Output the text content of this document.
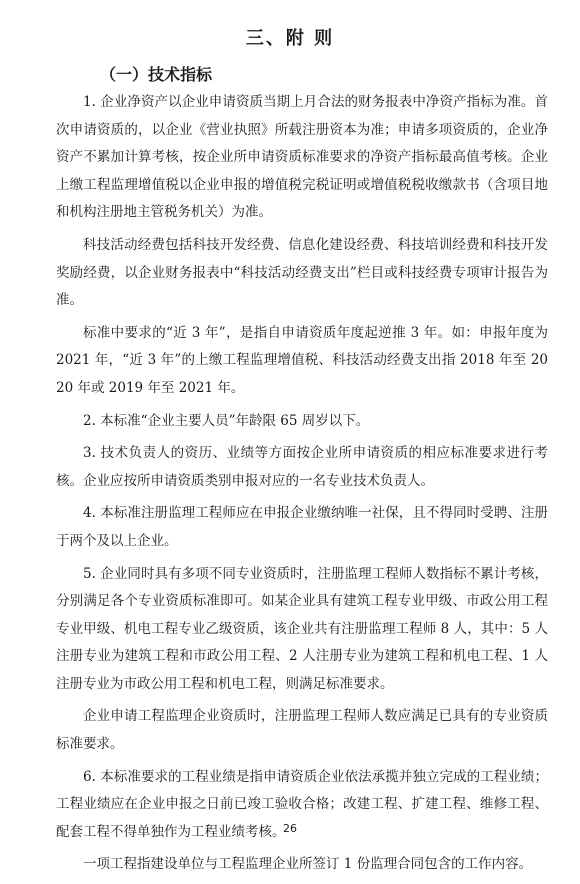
三、附 则
（一）技术指标

1. 企业净资产以企业申请资质当期上月合法的财务报表中净资产指标为准。首次申请资质的，以企业《营业执照》所载注册资本为准；申请多项资质的，企业净资产不累加计算考核，按企业所申请资质标准要求的净资产指标最高值考核。企业上缴工程监理增值税以企业申报的增值税完税证明或增值税税收缴款书（含项目地和机构注册地主管税务机关）为准。

科技活动经费包括科技开发经费、信息化建设经费、科技培训经费和科技开发奖励经费，以企业财务报表中“科技活动经费支出”栏目或科技经费专项审计报告为准。

标准中要求的“近 3 年”，是指自申请资质年度起逆推 3 年。如：申报年度为 2021 年，“近 3 年”的上缴工程监理增值税、科技活动经费支出指 2018 年至 2020 年或 2019 年至 2021 年。

2. 本标准“企业主要人员”年龄限 65 周岁以下。

3. 技术负责人的资历、业绩等方面按企业所申请资质的相应标准要求进行考核。企业应按所申请资质类别申报对应的一名专业技术负责人。

4. 本标准注册监理工程师应在申报企业缴纳唯一社保，且不得同时受聘、注册于两个及以上企业。

5. 企业同时具有多项不同专业资质时，注册监理工程师人数指标不累计考核，分别满足各个专业资质标准即可。如某企业具有建筑工程专业甲级、市政公用工程专业甲级、机电工程专业乙级资质，该企业共有注册监理工程师 8 人，其中：5 人注册专业为建筑工程和市政公用工程、2 人注册专业为建筑工程和机电工程、1 人注册专业为市政公用工程和机电工程，则满足标准要求。

企业申请工程监理企业资质时，注册监理工程师人数应满足已具有的专业资质标准要求。

6. 本标准要求的工程业绩是指申请资质企业依法承揽并独立完成的工程业绩；工程业绩应在企业申报之日前已竣工验收合格；改建工程、扩建工程、维修工程、配套工程不得单独作为工程业绩考核。

一项工程指建设单位与工程监理企业所签订 1 份监理合同包含的工作内容。

26
